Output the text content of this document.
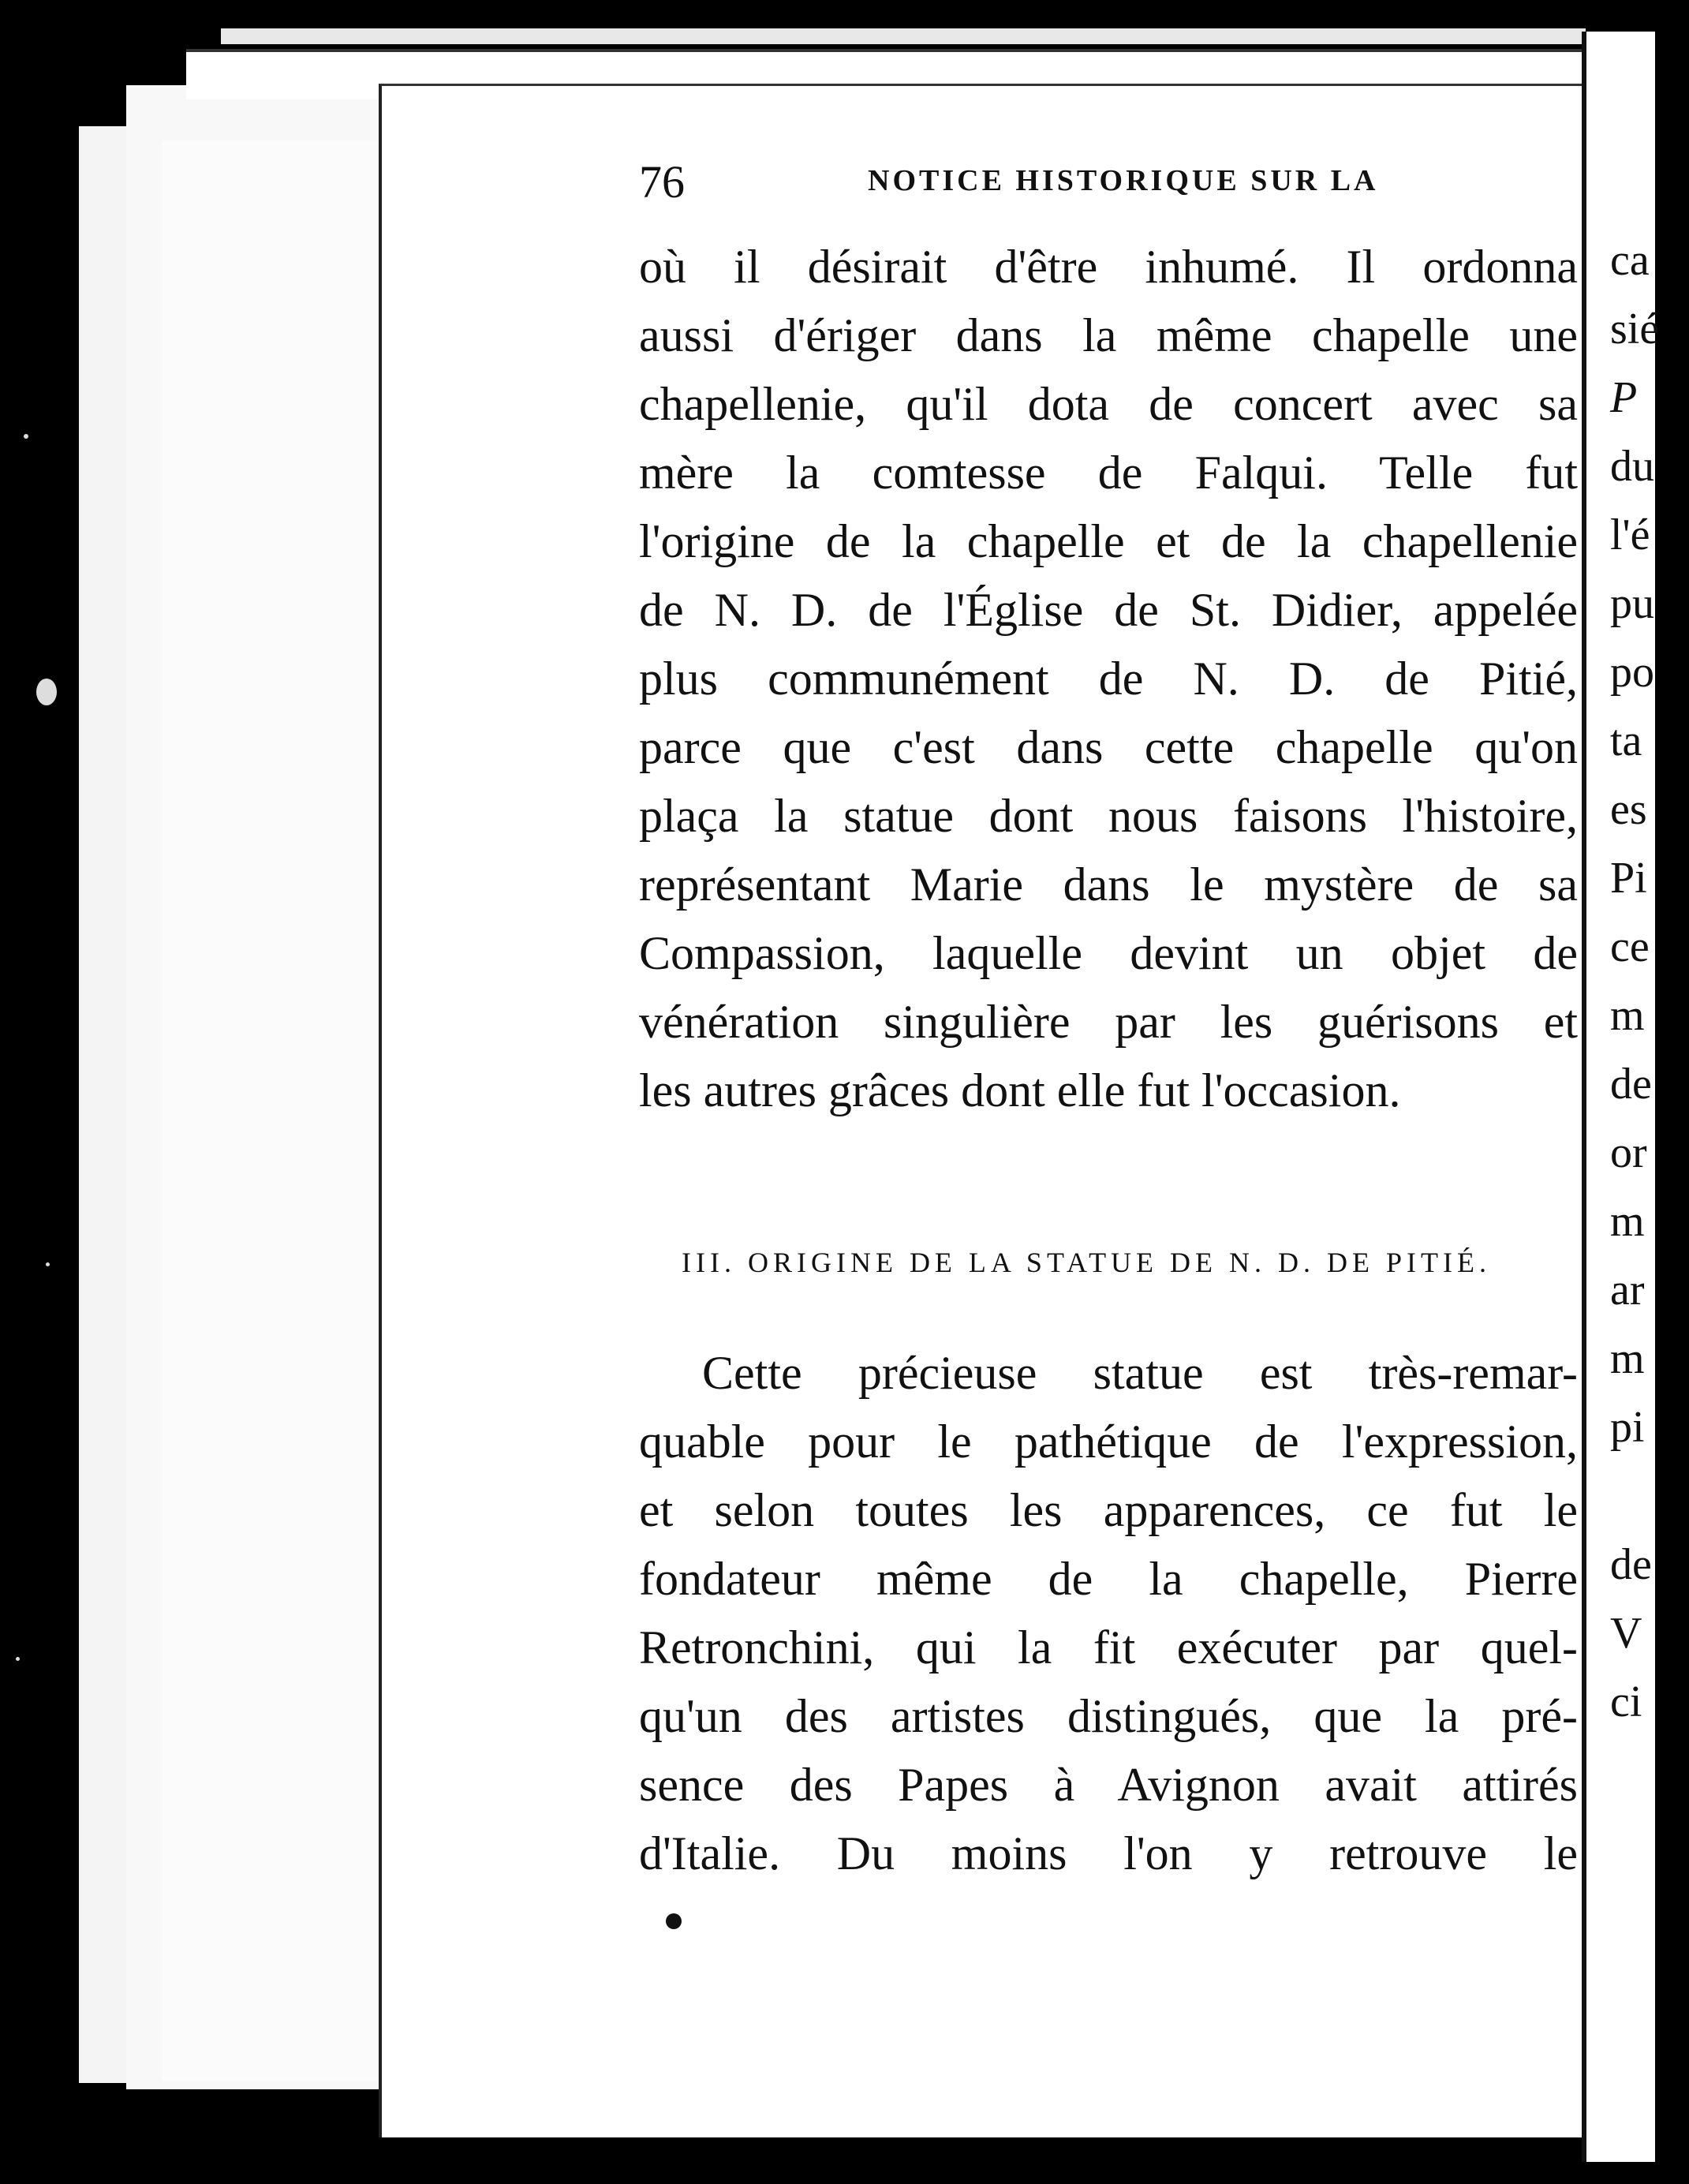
76	NOTICE HISTORIQUE SUR LA
où il désirait d'être inhumé. Il ordonna
aussi d'ériger dans la même chapelle une
chapellenie, qu'il dota de concert avec sa
mère la comtesse de Falqui. Telle fut
l'origine de la chapelle et de la chapellenie
de N. D. de l'Église de St. Didier, appelée
plus communément de N. D. de Pitié,
parce que c'est dans cette chapelle qu'on
plaça la statue dont nous faisons l'histoire,
représentant Marie dans le mystère de sa
Compassion, laquelle devint un objet de
vénération singulière par les guérisons et
les autres grâces dont elle fut l'occasion.
III. ORIGINE DE LA STATUE DE N. D. DE PITIÉ.
Cette précieuse statue est très-remar-
quable pour le pathétique de l'expression,
et selon toutes les apparences, ce fut le
fondateur même de la chapelle, Pierre
Retronchini, qui la fit exécuter par quel-
qu'un des artistes distingués, que la pré-
sence des Papes à Avignon avait attirés
d'Italie. Du moins l'on y retrouve le
ca
sié
P
du
l'é
pu
po
ta
es
Pi
ce
m
de
or
m
ar
m
pi
de
V
ci
